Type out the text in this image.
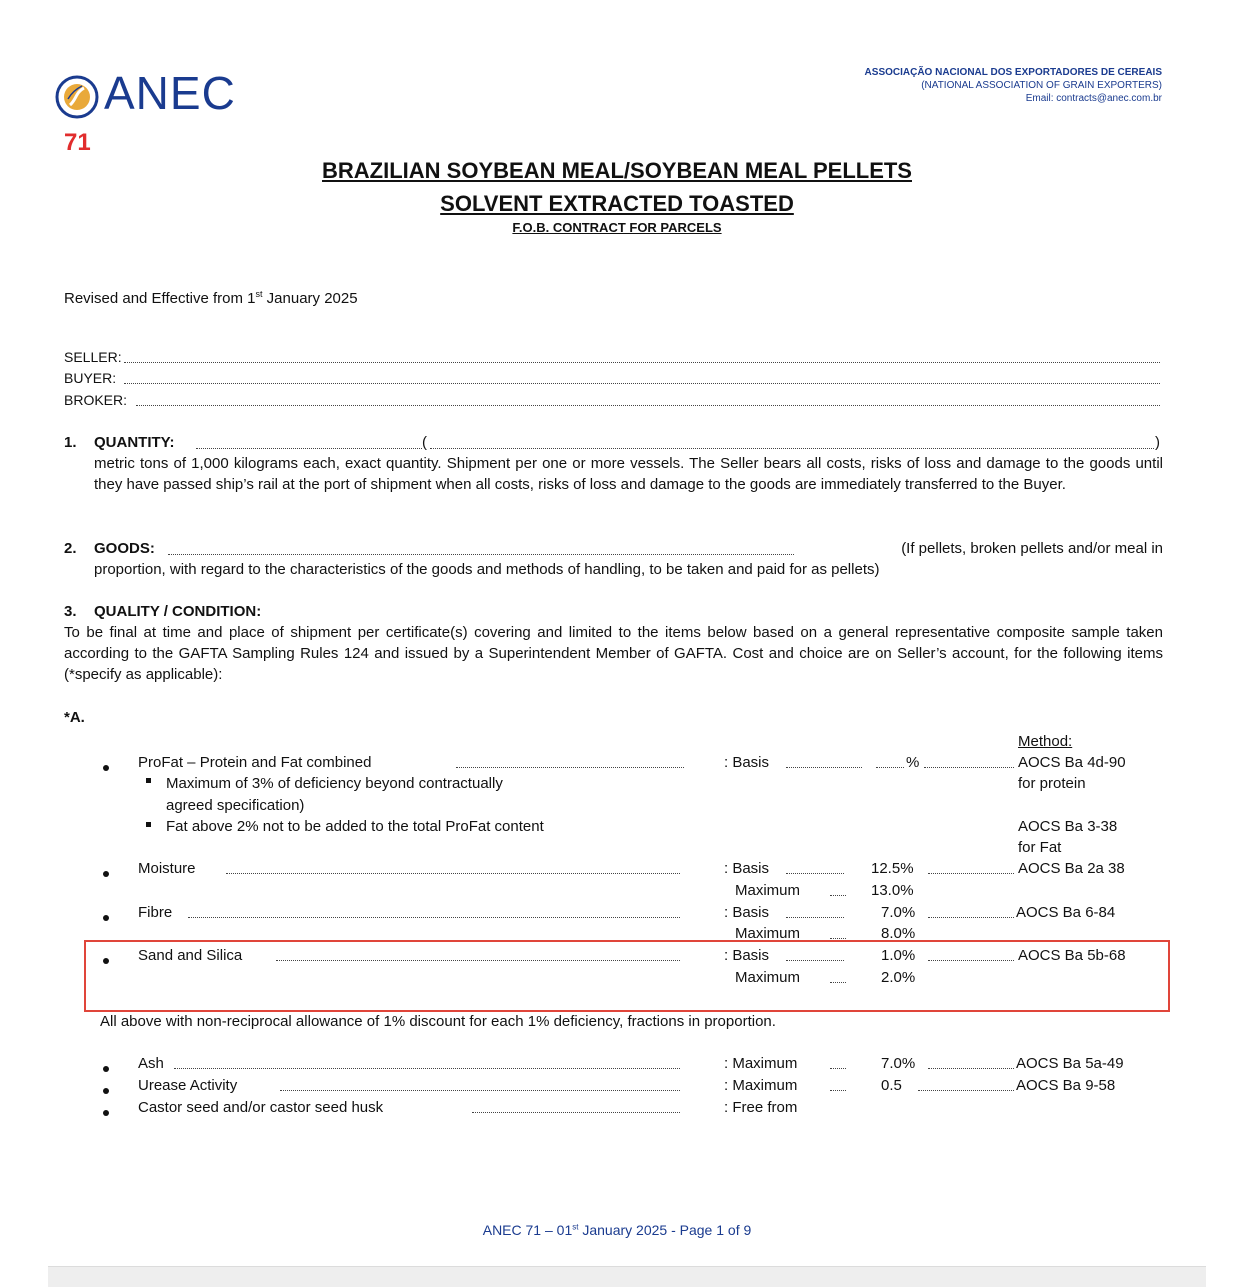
ANEC
71
ASSOCIAÇÃO NACIONAL DOS EXPORTADORES DE CEREAIS
(NATIONAL ASSOCIATION OF GRAIN EXPORTERS)
Email: contracts@anec.com.br
BRAZILIAN SOYBEAN MEAL/SOYBEAN MEAL PELLETS
SOLVENT EXTRACTED TOASTED
F.O.B. CONTRACT FOR PARCELS
Revised and Effective from 1st January 2025
SELLER:
BUYER:
BROKER:
1. QUANTITY:	(	)
metric tons of 1,000 kilograms each, exact quantity. Shipment per one or more vessels. The Seller bears all costs, risks of loss and damage to the goods until they have passed ship’s rail at the port of shipment when all costs, risks of loss and damage to the goods are immediately transferred to the Buyer.
2. GOODS:	(If pellets, broken pellets and/or meal in
proportion, with regard to the characteristics of the goods and methods of handling, to be taken and paid for as pellets)
3. QUALITY / CONDITION:
To be final at time and place of shipment per certificate(s) covering and limited to the items below based on a general representative composite sample taken according to the GAFTA Sampling Rules 124 and issued by a Superintendent Member of GAFTA. Cost and choice are on Seller’s account, for the following items (*specify as applicable):
*A.
Method:
ProFat – Protein and Fat combined	: Basis	%	AOCS Ba 4d-90
for protein
Maximum of 3% of deficiency beyond contractually
agreed specification)
Fat above 2% not to be added to the total ProFat content	AOCS Ba 3-38
for Fat
Moisture	: Basis	12.5%	AOCS Ba 2a 38
Maximum	13.0%
Fibre	: Basis	7.0%	AOCS Ba 6-84
Maximum	8.0%
Sand and Silica	: Basis	1.0%	AOCS Ba 5b-68
Maximum	2.0%
All above with non-reciprocal allowance of 1% discount for each 1% deficiency, fractions in proportion.
Ash	: Maximum	7.0%	AOCS Ba 5a-49
Urease Activity	: Maximum	0.5	AOCS Ba 9-58
Castor seed and/or castor seed husk	: Free from
ANEC 71 – 01st January 2025 - Page 1 of 9
